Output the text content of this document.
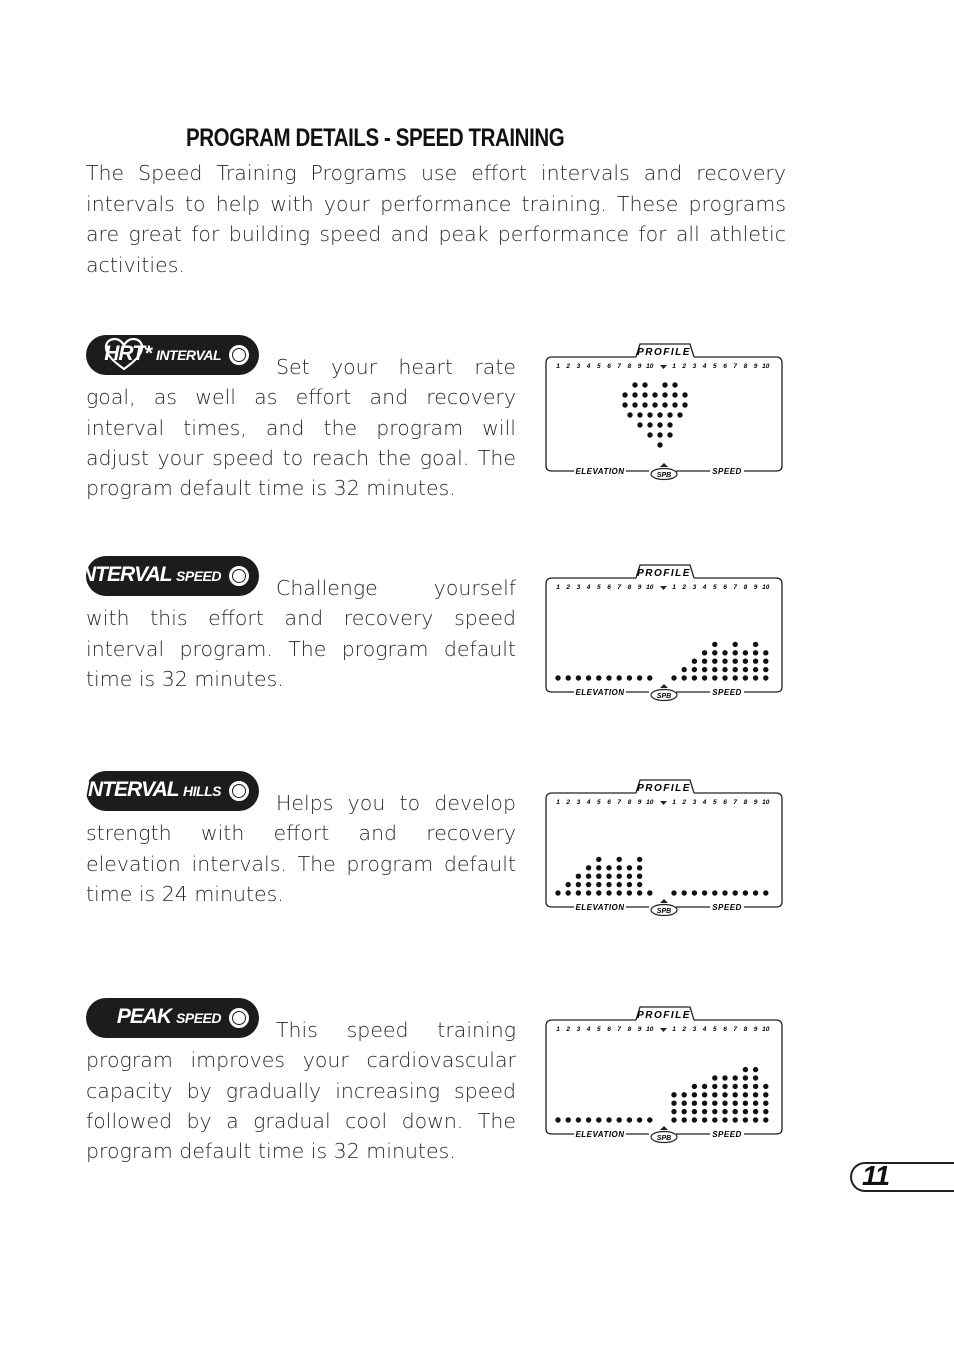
PROGRAM DETAILS - SPEED TRAINING

The Speed Training Programs use effort intervals and recovery intervals to help with your performance training. These programs are great for building speed and peak performance for all athletic activities.

HRT* INTERVAL	Set your heart rate goal, as well as effort and recovery interval times, and the program will adjust your speed to reach the goal. The program default time is 32 minutes.

PROFILE
1	1
2	2
3	3
4	4
5	5
6	6
7	7
8	8
9	9
10	10
ELEVATION	SPEED
SPB
INTERVAL SPEED	Challenge yourself with this effort and recovery speed interval program. The program default time is 32 minutes.

PROFILE
1	1
2	2
3	3
4	4
5	5
6	6
7	7
8	8
9	9
10	10
ELEVATION	SPEED
SPB
INTERVAL HILLS	Helps you to develop strength with effort and recovery elevation intervals. The program default time is 24 minutes.

PROFILE
1	1
2	2
3	3
4	4
5	5
6	6
7	7
8	8
9	9
10	10
ELEVATION	SPEED
SPB
PEAK SPEED	This speed training program improves your cardiovascular capacity by gradually increasing speed followed by a gradual cool down. The program default time is 32 minutes.

PROFILE
1	1
2	2
3	3
4	4
5	5
6	6
7	7
8	8
9	9
10	10
ELEVATION	SPEED
SPB
11
